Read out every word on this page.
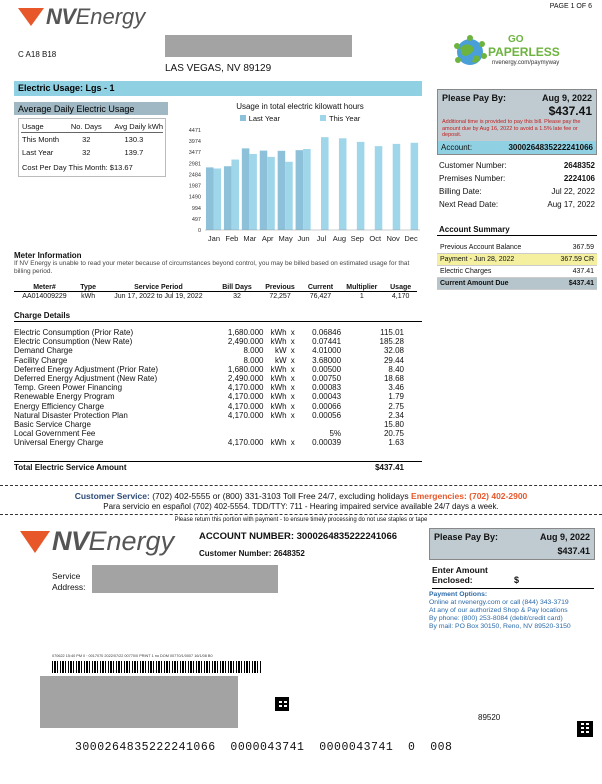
PAGE 1 OF 6
NV Energy
GO
PAPERLESS
nvenergy.com/paymyway
C A18 B18
LAS VEGAS, NV 89129
Electric Usage: Lgs - 1
Average Daily Electric Usage
Usage	No. Days	Avg Daily kWh
This Month	32	130.3
Last Year	32	139.7
Cost Per Day This Month: $13.67
Usage in total electric kilowatt hours
Last Year	This Year
4471
3974
3477
2981
2484
1987
1490
994
497
0
Jan Feb Mar Apr May Jun Jul Aug Sep Oct Nov Dec
Meter Information
If NV Energy is unable to read your meter because of circumstances beyond control, you may be billed based on estimated usage for that billing period.
Meter#	Type	Service Period	Bill Days	Previous	Current	Multiplier	Usage
AA014009229	kWh	Jun 17, 2022 to Jul 19, 2022	32	72,257	76,427	1	4,170
Charge Details
Electric Consumption (Prior Rate)	1,680.000	kWh	x	0.06846	115.01
Electric Consumption (New Rate)	2,490.000	kWh	x	0.07441	185.28
Demand Charge	8.000	kW	x	4.01000	32.08
Facility Charge	8.000	kW	x	3.68000	29.44
Deferred Energy Adjustment (Prior Rate)	1,680.000	kWh	x	0.00500	8.40
Deferred Energy Adjustment (New Rate)	2,490.000	kWh	x	0.00750	18.68
Temp. Green Power Financing	4,170.000	kWh	x	0.00083	3.46
Renewable Energy Program	4,170.000	kWh	x	0.00043	1.79
Energy Efficiency Charge	4,170.000	kWh	x	0.00066	2.75
Natural Disaster Protection Plan	4,170.000	kWh	x	0.00056	2.34
Basic Service Charge					15.80
Local Government Fee				5%	20.75
Universal Energy Charge	4,170.000	kWh	x	0.00039	1.63
Total Electric Service Amount	$437.41
Please Pay By:	Aug 9, 2022
$437.41
Additional time is provided to pay this bill. Please pay the amount due by Aug 16, 2022 to avoid a 1.5% late fee or deposit.
Account:	3000264835222241066
Customer Number:	2648352
Premises Number:	2224106
Billing Date:	Jul 22, 2022
Next Read Date:	Aug 17, 2022
Account Summary
Previous Account Balance	367.59
Payment - Jun 28, 2022	367.59 CR
Electric Charges	437.41
Current Amount Due	$437.41
Customer Service: (702) 402-5555 or (800) 331-3103 Toll Free 24/7, excluding holidays Emergencies: (702) 402-2900
Para servicio en español (702) 402-5554. TDD/TTY: 711 - Hearing impaired service available 24/7 days a week.
Please return this portion with payment - to ensure timely processing do not use staples or tape
NV Energy	ACCOUNT NUMBER: 3000264835222241066
Customer Number: 2648352
Service
Address:
Please Pay By:	Aug 9, 2022
$437.41
Enter Amount
Enclosed:	$
Payment Options:
Online at nvenergy.com or call (844) 343-3719
At any of our authorized Shop & Pay locations
By phone: (800) 253-8084 (debit/credit card)
By mail: PO Box 30150, Reno, NV 89520-3150
070622 15:40 PM 0 · 0017070 2022/07/22 00770/0 PRINT 1 no DOM 00770/1/0007 16/1/08 B0
89520
3000264835222241066  0000043741  0000043741  0  008
